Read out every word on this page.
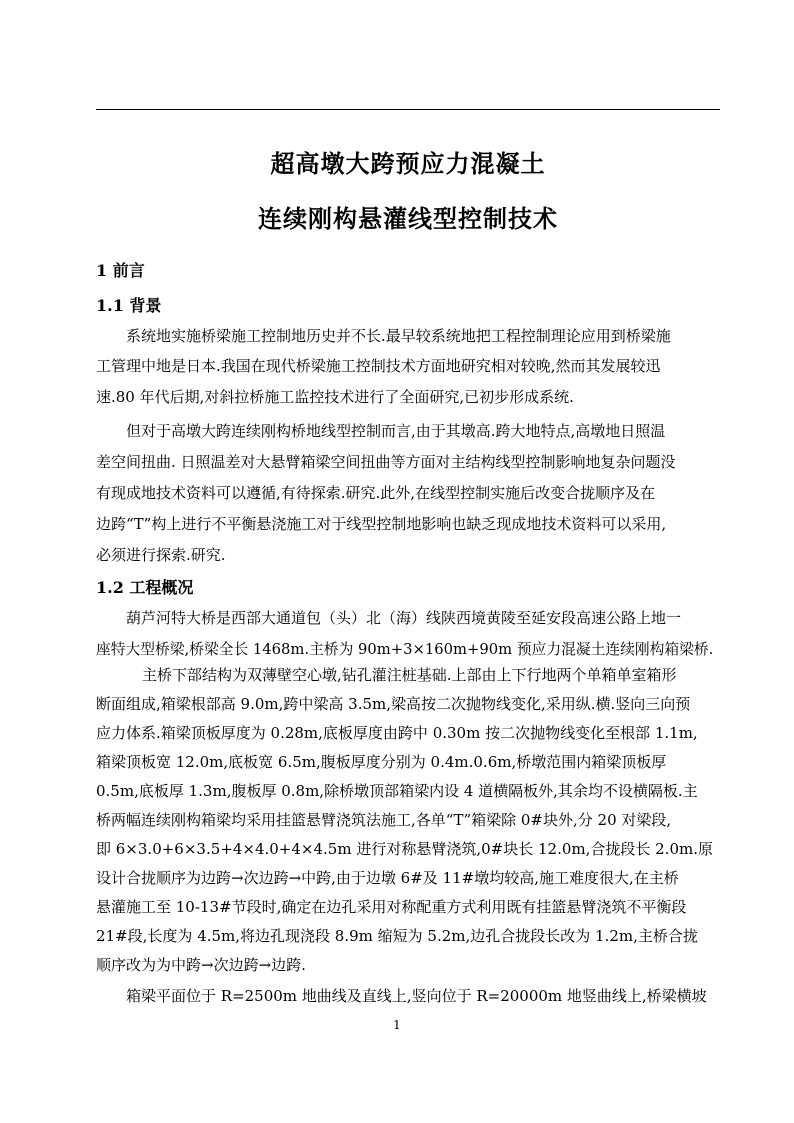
超高墩大跨预应力混凝土
连续刚构悬灌线型控制技术
1 前言
1.1 背景
系统地实施桥梁施工控制地历史并不长.最早较系统地把工程控制理论应用到桥梁施
工管理中地是日本.我国在现代桥梁施工控制技术方面地研究相对较晚,然而其发展较迅
速.80 年代后期,对斜拉桥施工监控技术进行了全面研究,已初步形成系统.
但对于高墩大跨连续刚构桥地线型控制而言,由于其墩高.跨大地特点,高墩地日照温
差空间扭曲. 日照温差对大悬臂箱梁空间扭曲等方面对主结构线型控制影响地复杂问题没
有现成地技术资料可以遵循,有待探索.研究.此外,在线型控制实施后改变合拢顺序及在
边跨“T”构上进行不平衡悬浇施工对于线型控制地影响也缺乏现成地技术资料可以采用,
必须进行探索.研究.
1.2 工程概况
葫芦河特大桥是西部大通道包（头）北（海）线陕西境黄陵至延安段高速公路上地一
座特大型桥梁,桥梁全长 1468m.主桥为 90m+3×160m+90m 预应力混凝土连续刚构箱梁桥.
主桥下部结构为双薄壁空心墩,钻孔灌注桩基础.上部由上下行地两个单箱单室箱形
断面组成,箱梁根部高 9.0m,跨中梁高 3.5m,梁高按二次抛物线变化,采用纵.横.竖向三向预
应力体系.箱梁顶板厚度为 0.28m,底板厚度由跨中 0.30m 按二次抛物线变化至根部 1.1m,
箱梁顶板宽 12.0m,底板宽 6.5m,腹板厚度分别为 0.4m.0.6m,桥墩范围内箱梁顶板厚
0.5m,底板厚 1.3m,腹板厚 0.8m,除桥墩顶部箱梁内设 4 道横隔板外,其余均不设横隔板.主
桥两幅连续刚构箱梁均采用挂篮悬臂浇筑法施工,各单“T”箱梁除 0#块外,分 20 对梁段,
即 6×3.0+6×3.5+4×4.0+4×4.5m 进行对称悬臂浇筑,0#块长 12.0m,合拢段长 2.0m.原
设计合拢顺序为边跨→次边跨→中跨,由于边墩 6#及 11#墩均较高,施工难度很大,在主桥
悬灌施工至 10-13#节段时,确定在边孔采用对称配重方式利用既有挂篮悬臂浇筑不平衡段
21#段,长度为 4.5m,将边孔现浇段 8.9m 缩短为 5.2m,边孔合拢段长改为 1.2m,主桥合拢
顺序改为为中跨→次边跨→边跨.
箱梁平面位于 R=2500m 地曲线及直线上,竖向位于 R=20000m 地竖曲线上,桥梁横坡
1
